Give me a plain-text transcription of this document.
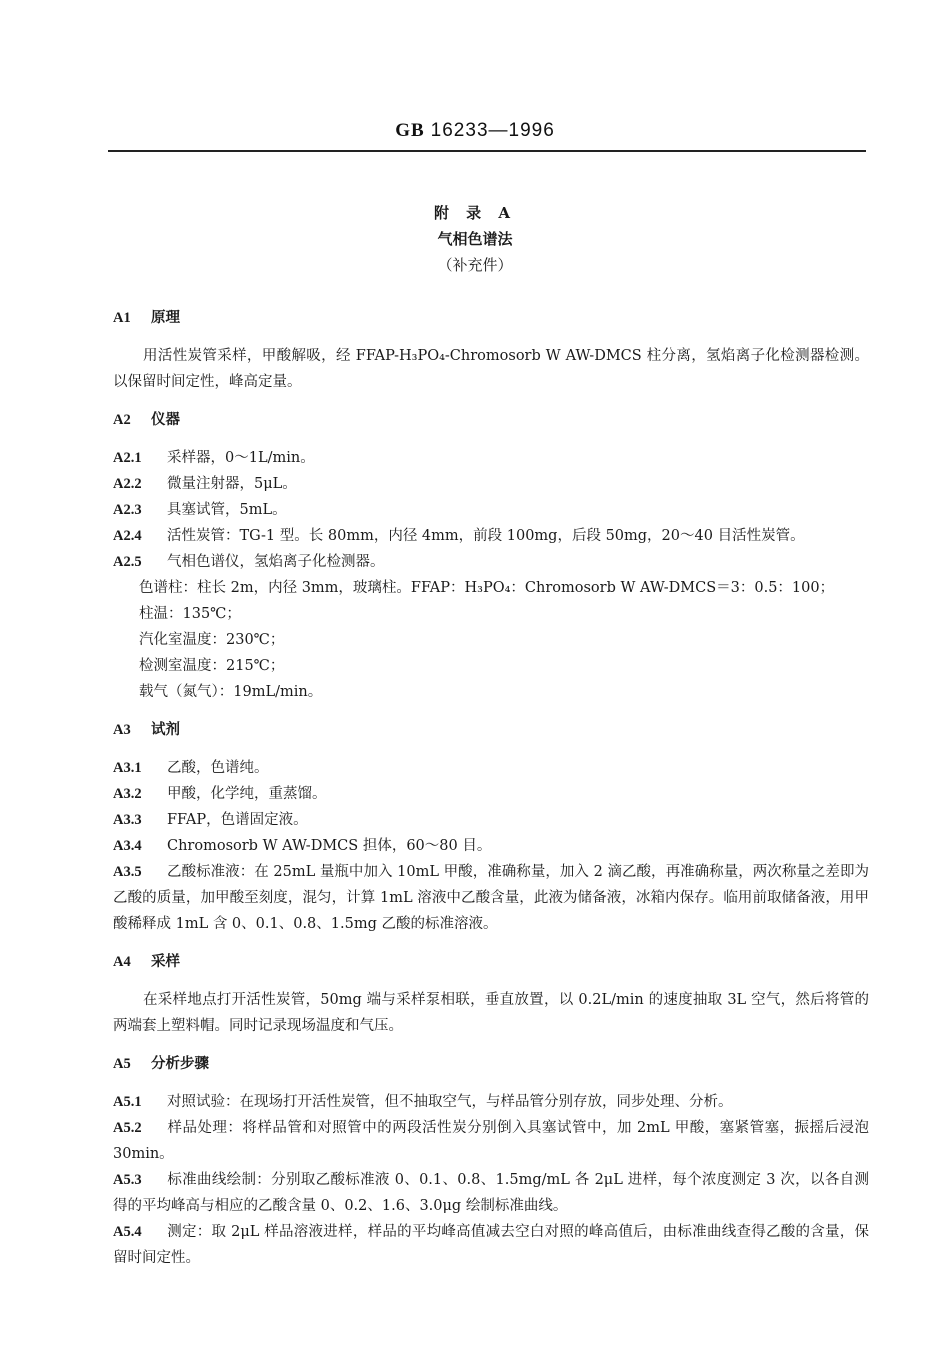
GB 16233—1996
附 录 A
气相色谱法
（补充件）
A1 原理
用活性炭管采样，甲酸解吸，经 FFAP-H₃PO₄-Chromosorb W AW-DMCS 柱分离，氢焰离子化检测器检测。以保留时间定性，峰高定量。
A2 仪器
A2.1 采样器，0～1L/min。
A2.2 微量注射器，5μL。
A2.3 具塞试管，5mL。
A2.4 活性炭管：TG-1 型。长 80mm，内径 4mm，前段 100mg，后段 50mg，20～40 目活性炭管。
A2.5 气相色谱仪，氢焰离子化检测器。
色谱柱：柱长 2m，内径 3mm，玻璃柱。FFAP：H₃PO₄：Chromosorb W AW-DMCS＝3：0.5：100；
柱温：135℃；
汽化室温度：230℃；
检测室温度：215℃；
载气（氮气）：19mL/min。
A3 试剂
A3.1 乙酸，色谱纯。
A3.2 甲酸，化学纯，重蒸馏。
A3.3 FFAP，色谱固定液。
A3.4 Chromosorb W AW-DMCS 担体，60～80 目。
A3.5 乙酸标准液：在 25mL 量瓶中加入 10mL 甲酸，准确称量，加入 2 滴乙酸，再准确称量，两次称量之差即为乙酸的质量，加甲酸至刻度，混匀，计算 1mL 溶液中乙酸含量，此液为储备液，冰箱内保存。临用前取储备液，用甲酸稀释成 1mL 含 0、0.1、0.8、1.5mg 乙酸的标准溶液。
A4 采样
在采样地点打开活性炭管，50mg 端与采样泵相联，垂直放置，以 0.2L/min 的速度抽取 3L 空气，然后将管的两端套上塑料帽。同时记录现场温度和气压。
A5 分析步骤
A5.1 对照试验：在现场打开活性炭管，但不抽取空气，与样品管分别存放，同步处理、分析。
A5.2 样品处理：将样品管和对照管中的两段活性炭分别倒入具塞试管中，加 2mL 甲酸，塞紧管塞，振摇后浸泡 30min。
A5.3 标准曲线绘制：分别取乙酸标准液 0、0.1、0.8、1.5mg/mL 各 2μL 进样，每个浓度测定 3 次，以各自测得的平均峰高与相应的乙酸含量 0、0.2、1.6、3.0μg 绘制标准曲线。
A5.4 测定：取 2μL 样品溶液进样，样品的平均峰高值减去空白对照的峰高值后，由标准曲线查得乙酸的含量，保留时间定性。
